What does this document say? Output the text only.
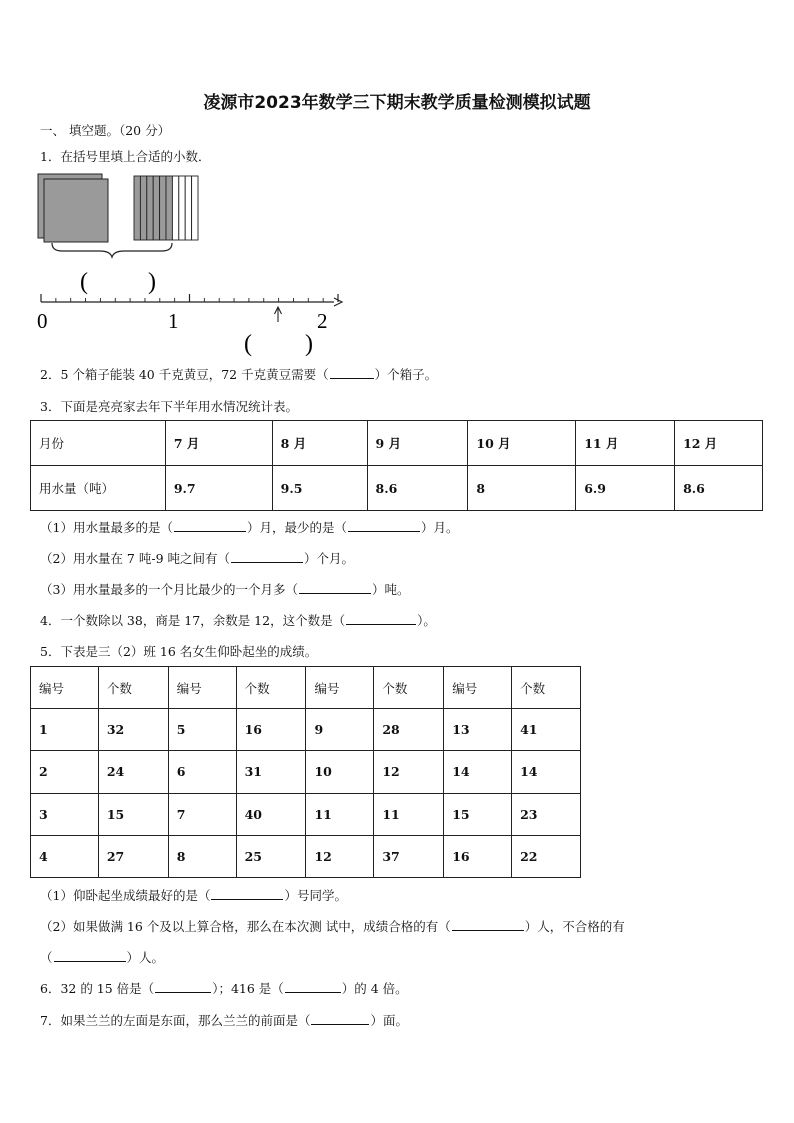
凌源市2023年数学三下期末教学质量检测模拟试题
一、 填空题。（20 分）
1．在括号里填上合适的小数．
(	)
0	1	2
( )
2．5 个箱子能装 40 千克黄豆，72 千克黄豆需要（	）个箱子。
3．下面是亮亮家去年下半年用水情况统计表。
月份	7 月	8 月	9 月	10 月	11 月	12 月
用水量（吨）	9.7	9.5	8.6	8	6.9	8.6
（1）用水量最多的是（	）月，最少的是（	）月。
（2）用水量在 7 吨-9 吨之间有（	）个月。
（3）用水量最多的一个月比最少的一个月多（	）吨。
4．一个数除以 38，商是 17，余数是 12，这个数是（	）。
5．下表是三（2）班 16 名女生仰卧起坐的成绩。
编号	个数	编号	个数	编号	个数	编号	个数
1	32	5	16	9	28	13	41
2	24	6	31	10	12	14	14
3	15	7	40	11	11	15	23
4	27	8	25	12	37	16	22
（1）仰卧起坐成绩最好的是（	）号同学。
（2）如果做满 16 个及以上算合格，那么在本次测 试中，成绩合格的有（	）人，不合格的有
（	）人。
6．32 的 15 倍是（	）；416 是（	）的 4 倍。
7．如果兰兰的左面是东面，那么兰兰的前面是（	）面。
